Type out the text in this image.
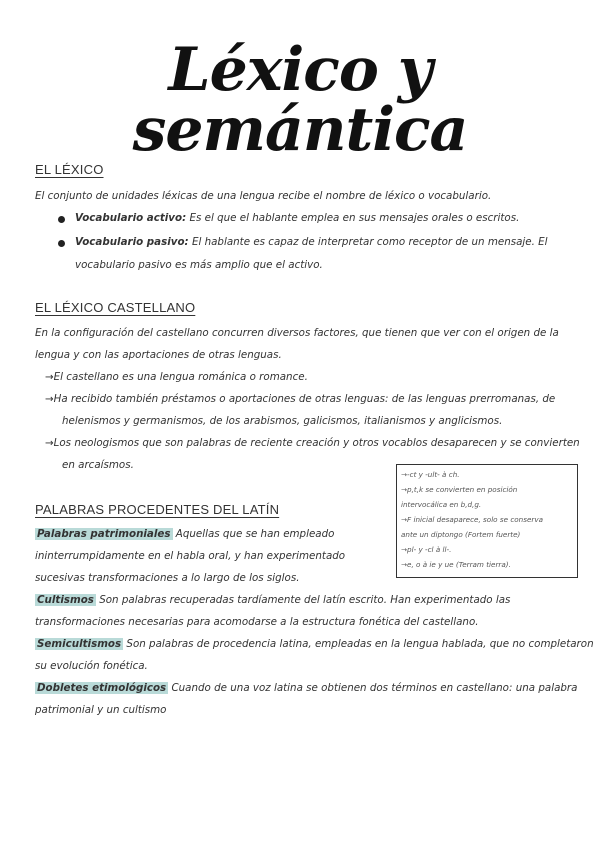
Léxico y semántica
EL LÉXICO
El conjunto de unidades léxicas de una lengua recibe el nombre de léxico o vocabulario.
Vocabulario activo: Es el que el hablante emplea en sus mensajes orales o escritos.
Vocabulario pasivo: El hablante es capaz de interpretar como receptor de un mensaje. El
vocabulario pasivo es más amplio que el activo.
EL LÉXICO CASTELLANO
En la configuración del castellano concurren diversos factores, que tienen que ver con el origen de la
lengua y con las aportaciones de otras lenguas.
→El castellano es una lengua románica o romance.
→Ha recibido también préstamos o aportaciones de otras lenguas: de las lenguas prerromanas, de
helenismos y germanismos, de los arabismos, galicismos, italianismos y anglicismos.
→Los neologismos que son palabras de reciente creación y otros vocablos desaparecen y se convierten
en arcaísmos.
→-ct y -ult- à ch.
→p,t,k se convierten en posición
intervocálica en b,d,g.
→F inicial desaparece, solo se conserva
ante un diptongo (Fortem fuerte)
→pl- y -cl à ll-.
→e, o à ie y ue (Terram tierra).
PALABRAS PROCEDENTES DEL LATÍN
Palabras patrimoniales Aquellas que se han empleado
ininterrumpidamente en el habla oral, y han experimentado
sucesivas transformaciones a lo largo de los siglos.
Cultismos Son palabras recuperadas tardíamente del latín escrito. Han experimentado las
transformaciones necesarias para acomodarse a la estructura fonética del castellano.
Semicultismos Son palabras de procedencia latina, empleadas en la lengua hablada, que no completaron
su evolución fonética.
Dobletes etimológicos Cuando de una voz latina se obtienen dos términos en castellano: una palabra
patrimonial y un cultismo
